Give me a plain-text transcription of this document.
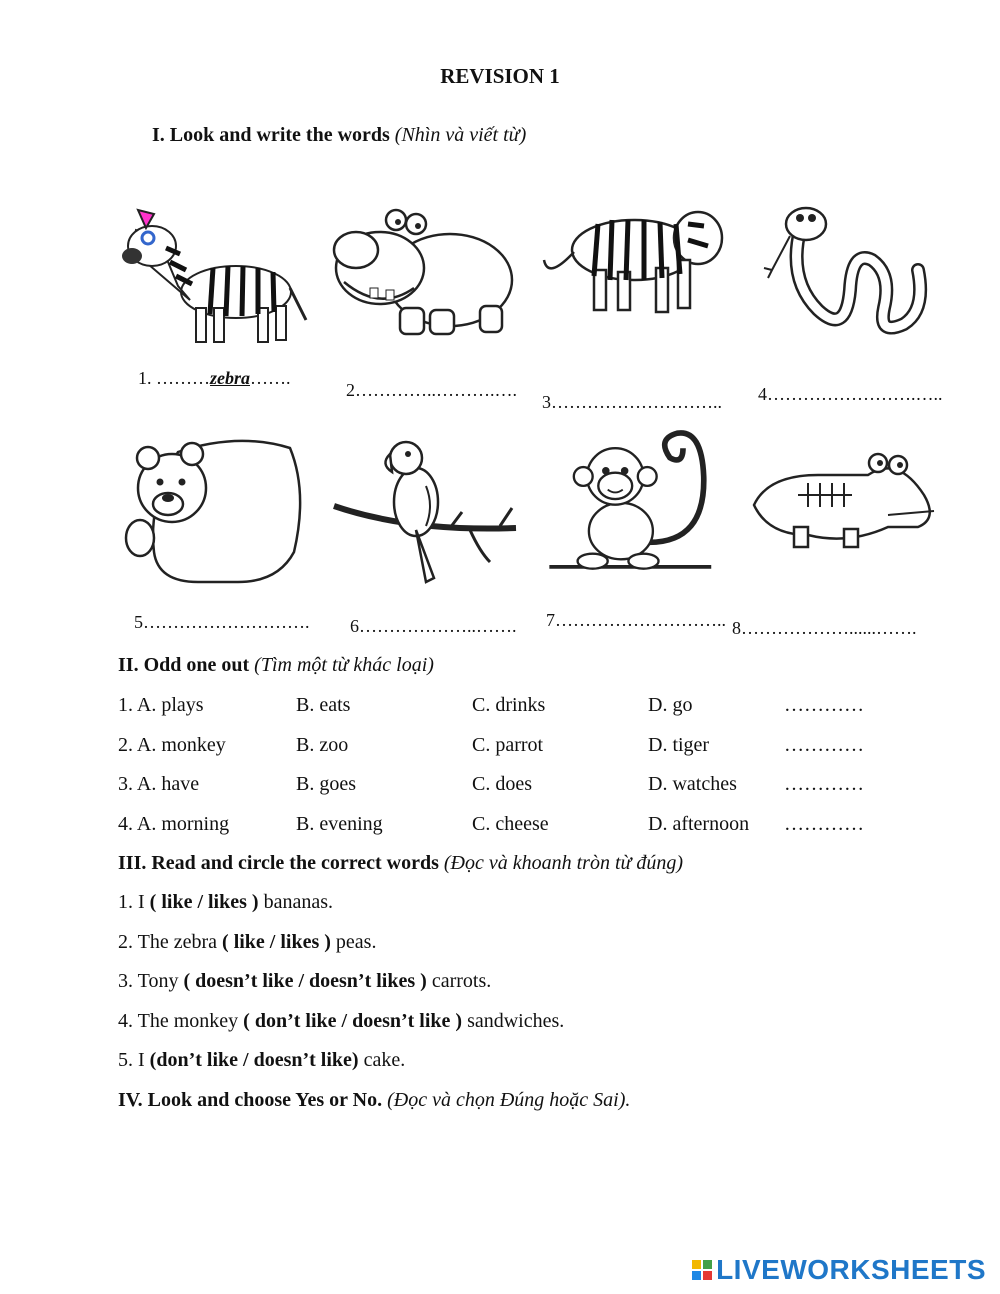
REVISION 1
I. Look and write the words (Nhìn và viết từ)
1. ………zebra…….
2…………..……….….
3……………………….. 4…………………….…..
5………………………. 6………………..……. 7……………………….. 8………………......…….
II. Odd one out (Tìm một từ khác loại)
1. A. plays	B. eats	C. drinks	D. go	…………
2. A. monkey	B. zoo	C. parrot	D. tiger	…………
3. A. have	B. goes	C. does	D. watches …………
4. A. morning	B. evening	C. cheese	D. afternoon …………
III. Read and circle the correct words (Đọc và khoanh tròn từ đúng)
1. I ( like / likes ) bananas.
2. The zebra ( like / likes ) peas.
3. Tony ( doesn’t like / doesn’t likes ) carrots.
4. The monkey ( don’t like / doesn’t like ) sandwiches.
5. I (don’t like / doesn’t like) cake.
IV. Look and choose Yes or No. (Đọc và chọn Đúng hoặc Sai).
LIVEWORKSHEETS
